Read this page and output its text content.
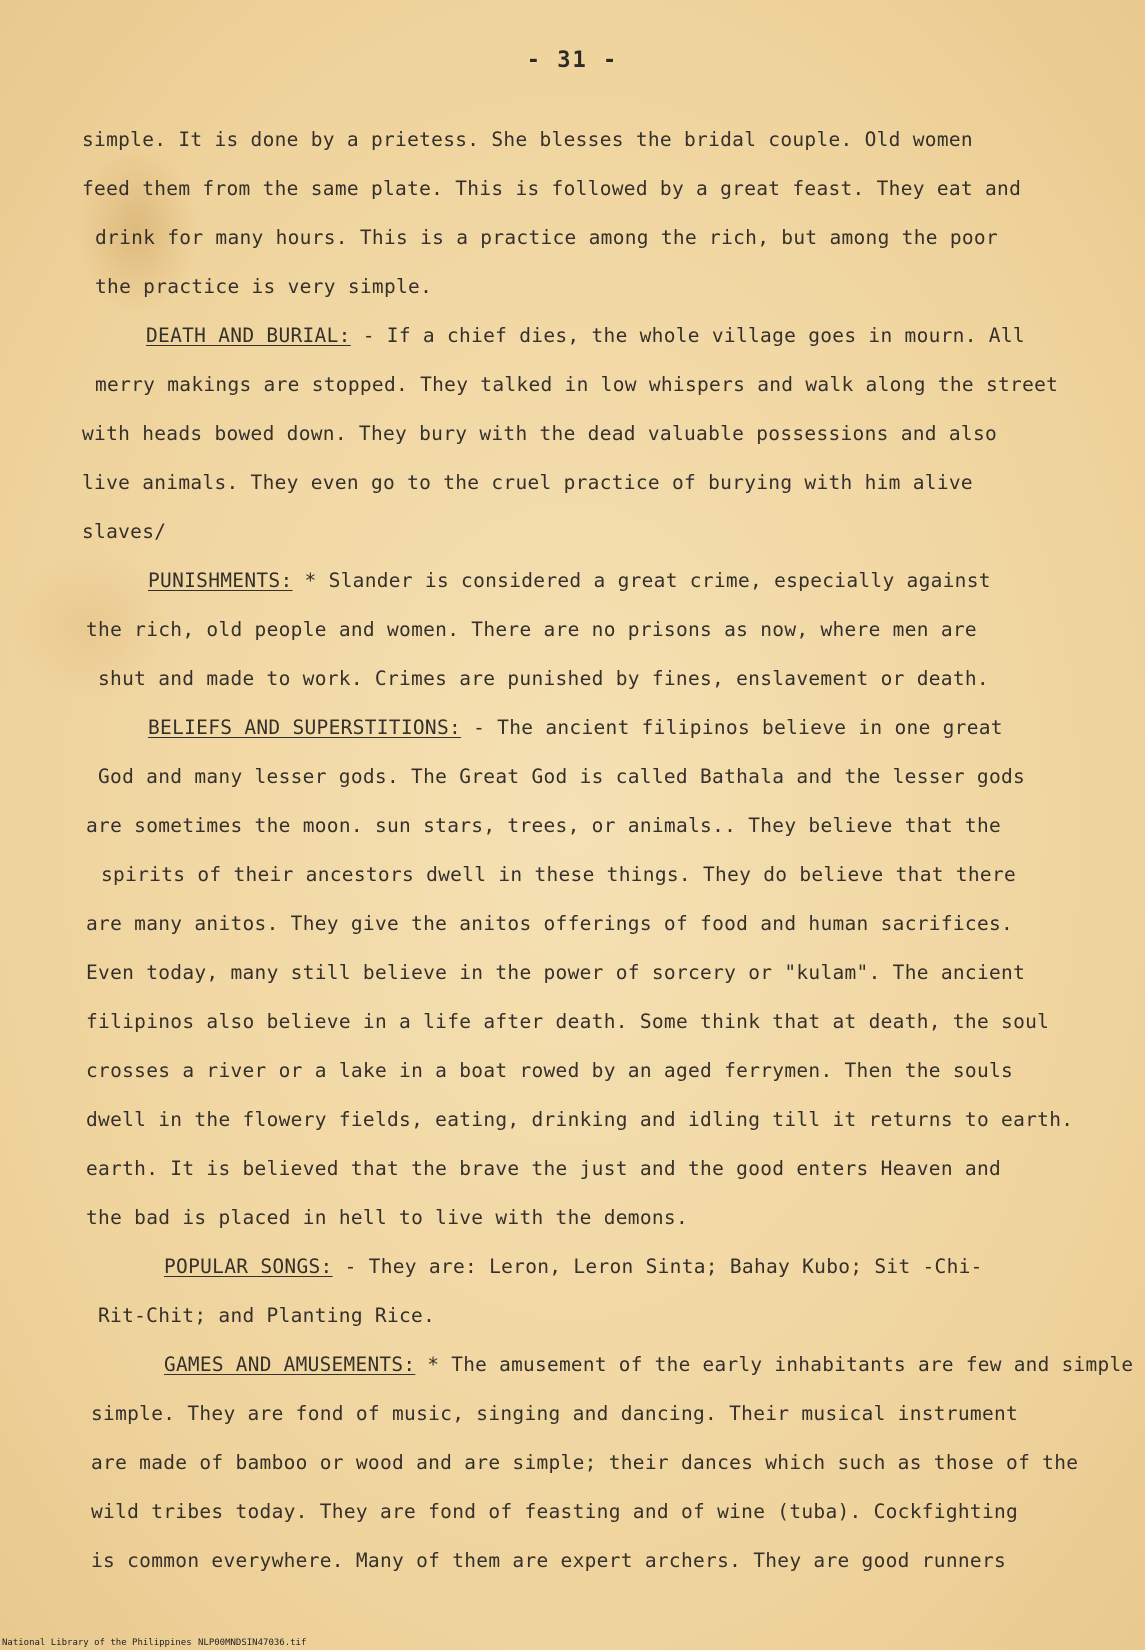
- 31 -
simple. It is done by a prietess. She blesses the bridal couple. Old women
feed them from the same plate. This is followed by a great feast. They eat and
drink for many hours. This is a practice among the rich, but among the poor
the practice is very simple.
DEATH AND BURIAL: - If a chief dies, the whole village goes in mourn. All
merry makings are stopped. They talked in low whispers and walk along the street
with heads bowed down. They bury with the dead valuable possessions and also
live animals. They even go to the cruel practice of burying with him alive
slaves/
PUNISHMENTS: * Slander is considered a great crime, especially against
the rich, old people and women. There are no prisons as now, where men are
shut and made to work. Crimes are punished by fines, enslavement or death.
BELIEFS AND SUPERSTITIONS: - The ancient filipinos believe in one great
God and many lesser gods. The Great God is called Bathala and the lesser gods
are sometimes the moon. sun stars, trees, or animals.. They believe that the
spirits of their ancestors dwell in these things. They do believe that there
are many anitos. They give the anitos offerings of food and human sacrifices.
Even today, many still believe in the power of sorcery or "kulam". The ancient
filipinos also believe in a life after death. Some think that at death, the soul
crosses a river or a lake in a boat rowed by an aged ferrymen. Then the souls
dwell in the flowery fields, eating, drinking and idling till it returns to earth.
earth. It is believed that the brave the just and the good enters Heaven and
the bad is placed in hell to live with the demons.
POPULAR SONGS: - They are: Leron, Leron Sinta; Bahay Kubo; Sit -Chi-
Rit-Chit; and Planting Rice.
GAMES AND AMUSEMENTS: * The amusement of the early inhabitants are few and simple
simple. They are fond of music, singing and dancing. Their musical instrument
are made of bamboo or wood and are simple; their dances which such as those of the
wild tribes today. They are fond of feasting and of wine (tuba). Cockfighting
is common everywhere. Many of them are expert archers. They are good runners
National Library of the Philippines NLP00MNDSIN47036.tif
